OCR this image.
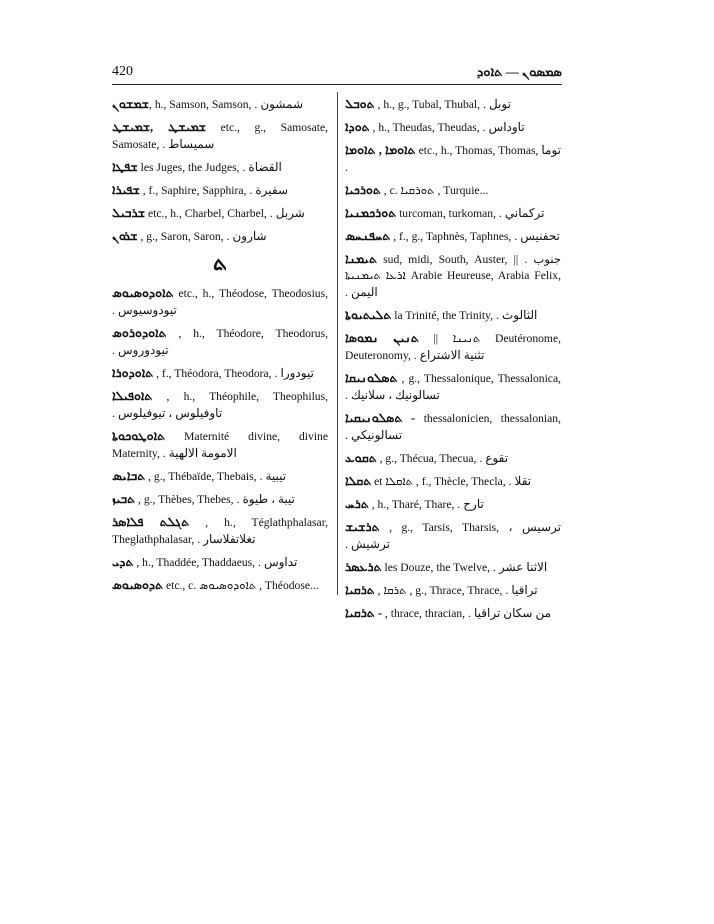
420	ܣܡܣܘܢ — ܬܐܘܕ
ܫܡܫܘܢ, h., Samson, Samson, شمشون .
ܫܡܝܫܛ ,ܫܡܝܫܛ etc., g., Samosate, Samosate, سميساط .
ܫܦܛܐ les Juges, the Judges, القضاة .
ܫܦܝܪܐ , f., Saphire, Sapphira, سفيرة .
ܫܪܒܝܠ etc., h., Charbel, Charbel, شربل .
ܫܪܘܢ , g., Saron, Saron, شارون .
ܬ
ܬܐܘܕܘܣܝܘܣ etc., h., Théodose, Theodosius, تيودوسيوس .
ܬܐܘܕܘܪܘܣ , h., Théodore, Theodorus, تيودوروس .
ܬܐܘܕܘܪܐ , f., Théodora, Theodora, تيودورا .
ܬܐܘܦܝܠܐ , h., Théophile, Theophilus, تاوفيلوس ، تيوفيلوس .
ܬܐܘܛܘܟܘܬܐ Maternité divine, divine Maternity, الامومة الالهية .
ܬܒܐܝܣ , g., Thébaïde, Thebais, تيبية .
ܬܒܝܙ , g., Thèbes, Thebes, تيبة ، طيوة .
ܬܓܠܬ ܦܠܐܣܪ , h., Téglathphalasar, Theglathphalasar, تغلاتفلاسار .
ܬܕܝ , h., Thaddée, Thaddaeus, تداوس .
ܬܕܘܣܝܘܣ etc., c. ܬܐܘܕܘܣܝܘܣ , Théodose...
ܬܘܒܠ , h., g., Tubal, Thubal, توبل .
ܬܘܕܐ , h., Theudas, Theudas, تاوداس .
ܬܐܘܡܐ , ܬܐܘܡܐ etc., h., Thomas, Thomas, توما .
ܬܘܪܟܝܐ , c. ܬܘܪܩܝܐ , Turquie...
ܬܘܪܟܡܢܝܐ turcoman, turkoman, تركماني .
ܬܚܦܢܚܣ , f., g., Taphnès, Taphnes, تحفنيس .
ܬܝܡܢܐ sud, midi, South, Auster, جنوب . || ܐܪܥܐ ܬܝܡܢܝܬܐ Arabie Heureuse, Arabia Felix, اليمن .
ܬܠܝܬܝܘܬܐ la Trinité, the Trinity, الثالوث .
ܬܢܝܢ ܢܡܘܣܐ || ܬܢܝܢܐ Deutéronome, Deuteronomy, تثنية الاشتراع .
ܬܣܠܘܢܝܩܐ , g., Thessalonique, Thessalonica, تسالونيك ، سلانيك .
- ܬܣܠܘܢܝܩܝܐ thessalonicien, thessalonian, تسالونيكي .
ܬܩܘܥ , g., Thécua, Thecua, تقوع .
ܬܩܠܐ et ܬܐܩܠܐ , f., Thècle, Thecla, تقلا .
ܬܪܚ , h., Tharé, Thare, تارح .
ܬܪܫܝܫ , g., Tarsis, Tharsis, ترسيس ، ترشيش .
ܬܪܥܣܪ les Douze, the Twelve, الاثنا عشر .
ܬܪܩܝܐ , ܬܪܩܐ , g., Thrace, Thrace, تراقيا .
- ܬܪܩܝܐ , thrace, thracian, من سكان تراقيا .
